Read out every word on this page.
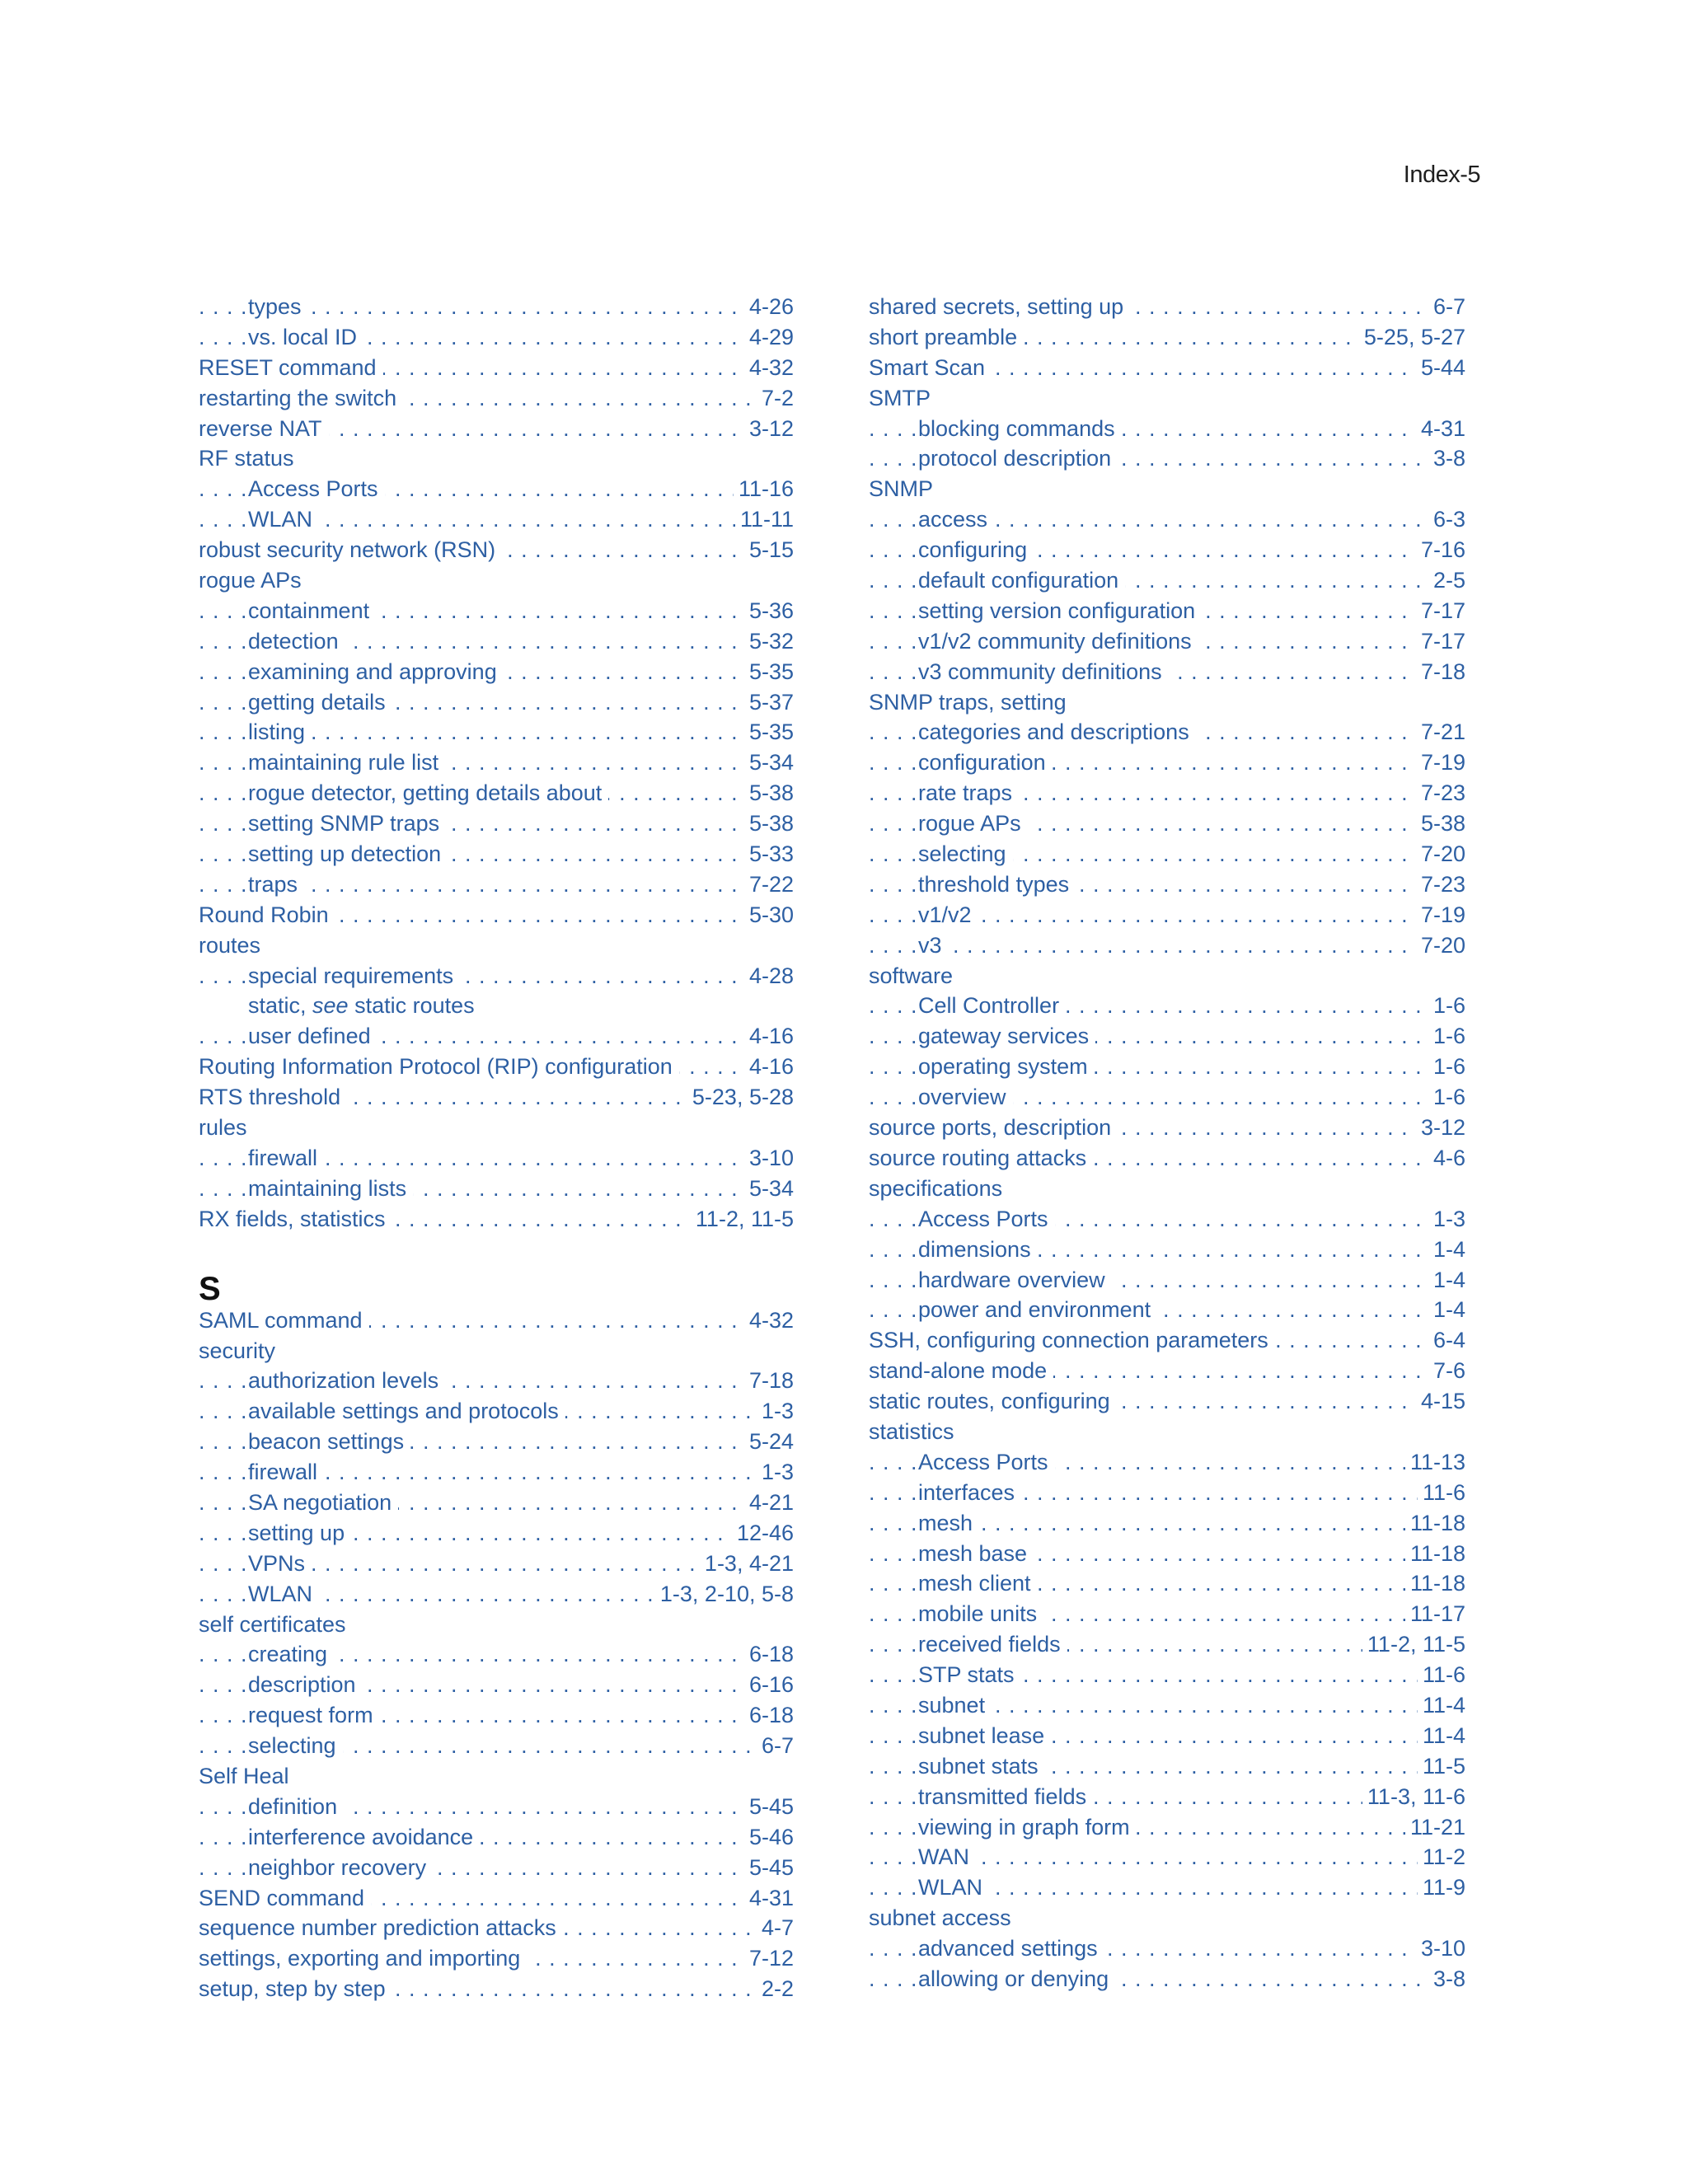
Index-5
types	4-26
. . .
vs. local ID	4-29
. . .
RESET command	4-32
. . .
restarting the switch	7-2
. . .
reverse NAT	3-12
. . .
RF status
Access Ports	11-16
. . .
WLAN	11-11
. . .
robust security network (RSN)	5-15
. . .
rogue APs
containment	5-36
. . .
detection	5-32
. . .
examining and approving	5-35
. . .
getting details	5-37
. . .
listing	5-35
. . .
maintaining rule list	5-34
. . .
rogue detector, getting details about	5-38
. . .
setting SNMP traps	5-38
. . .
setting up detection	5-33
. . .
traps	7-22
. . .
Round Robin	5-30
. . .
routes
special requirements	4-28
. . .
static, see static routes
user defined	4-16
. . .
Routing Information Protocol (RIP) configuration	4-16
. . .
RTS threshold	5-23, 5-28
. . .
rules
firewall	3-10
. . .
maintaining lists	5-34
. . .
RX fields, statistics	11-2, 11-5
. . .
S
SAML command	4-32
. . .
security
authorization levels	7-18
. . .
available settings and protocols	1-3
. . .
beacon settings	5-24
. . .
firewall	1-3
. . .
SA negotiation	4-21
. . .
setting up	12-46
. . .
VPNs	1-3, 4-21
. . .
WLAN	1-3, 2-10, 5-8
. . .
self certificates
creating	6-18
. . .
description	6-16
. . .
request form	6-18
. . .
selecting	6-7
. . .
Self Heal
definition	5-45
. . .
interference avoidance	5-46
. . .
neighbor recovery	5-45
. . .
SEND command	4-31
. . .
sequence number prediction attacks	4-7
. . .
settings, exporting and importing	7-12
. . .
setup, step by step	2-2
. . .
shared secrets, setting up	6-7
. . .
short preamble	5-25, 5-27
. . .
Smart Scan	5-44
. . .
SMTP
blocking commands	4-31
. . .
protocol description	3-8
. . .
SNMP
access	6-3
. . .
configuring	7-16
. . .
default configuration	2-5
. . .
setting version configuration	7-17
. . .
v1/v2 community definitions	7-17
. . .
v3 community definitions	7-18
. . .
SNMP traps, setting
categories and descriptions	7-21
. . .
configuration	7-19
. . .
rate traps	7-23
. . .
rogue APs	5-38
. . .
selecting	7-20
. . .
threshold types	7-23
. . .
v1/v2	7-19
. . .
v3	7-20
. . .
software
Cell Controller	1-6
. . .
gateway services	1-6
. . .
operating system	1-6
. . .
overview	1-6
. . .
source ports, description	3-12
. . .
source routing attacks	4-6
. . .
specifications
Access Ports	1-3
. . .
dimensions	1-4
. . .
hardware overview	1-4
. . .
power and environment	1-4
. . .
SSH, configuring connection parameters	6-4
. . .
stand-alone mode	7-6
. . .
static routes, configuring	4-15
. . .
statistics
Access Ports	11-13
. . .
interfaces	11-6
. . .
mesh	11-18
. . .
mesh base	11-18
. . .
mesh client	11-18
. . .
mobile units	11-17
. . .
received fields	11-2, 11-5
. . .
STP stats	11-6
. . .
subnet	11-4
. . .
subnet lease	11-4
. . .
subnet stats	11-5
. . .
transmitted fields	11-3, 11-6
. . .
viewing in graph form	11-21
. . .
WAN	11-2
. . .
WLAN	11-9
. . .
subnet access
advanced settings	3-10
. . .
allowing or denying	3-8
. . .
